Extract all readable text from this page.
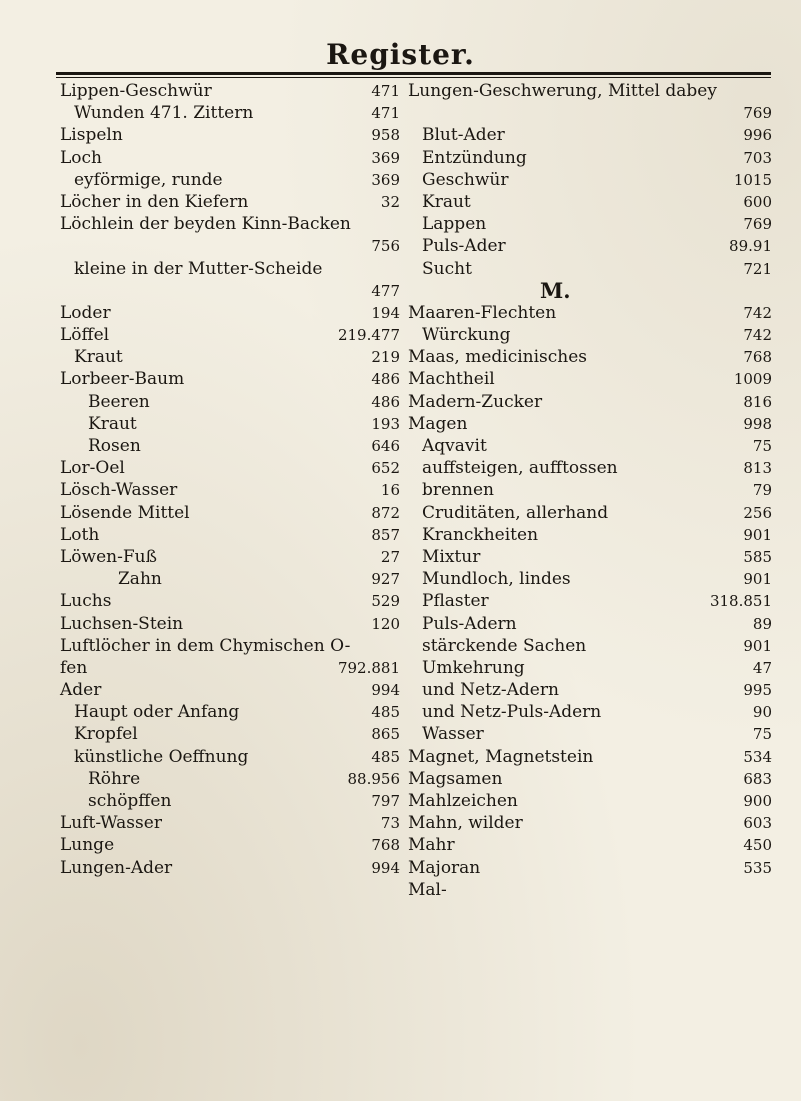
Register.
Lippen-Geschwür	471
Wunden 471. Zittern	471
Lispeln	958
Loch	369
eyförmige, runde	369
Löcher in den Kiefern	32
Löchlein der beyden Kinn-Backen
756
kleine in der Mutter-Scheide
477
Loder	194
Löffel	219.477
Kraut	219
Lorbeer-Baum	486
Beeren	486
Kraut	193
Rosen	646
Lor-Oel	652
Lösch-Wasser	16
Lösende Mittel	872
Loth	857
Löwen-Fuß	27
Zahn	927
Luchs	529
Luchsen-Stein	120
Luftlöcher in dem Chymischen O-
fen	792.881
Ader	994
Haupt oder Anfang	485
Kropfel	865
künstliche Oeffnung	485
Röhre	88.956
schöpffen	797
Luft-Wasser	73
Lunge	768
Lungen-Ader	994
Lungen-Geschwerung, Mittel dabey
769
Blut-Ader	996
Entzündung	703
Geschwür	1015
Kraut	600
Lappen	769
Puls-Ader	89.91
Sucht	721
M.
Maaren-Flechten	742
Würckung	742
Maas, medicinisches	768
Machtheil	1009
Madern-Zucker	816
Magen	998
Aqvavit	75
auffsteigen, aufftossen	813
brennen	79
Cruditäten, allerhand	256
Kranckheiten	901
Mixtur	585
Mundloch, lindes	901
Pflaster	318.851
Puls-Adern	89
stärckende Sachen	901
Umkehrung	47
und Netz-Adern	995
und Netz-Puls-Adern	90
Wasser	75
Magnet, Magnetstein	534
Magsamen	683
Mahlzeichen	900
Mahn, wilder	603
Mahr	450
Majoran	535
Mal-
